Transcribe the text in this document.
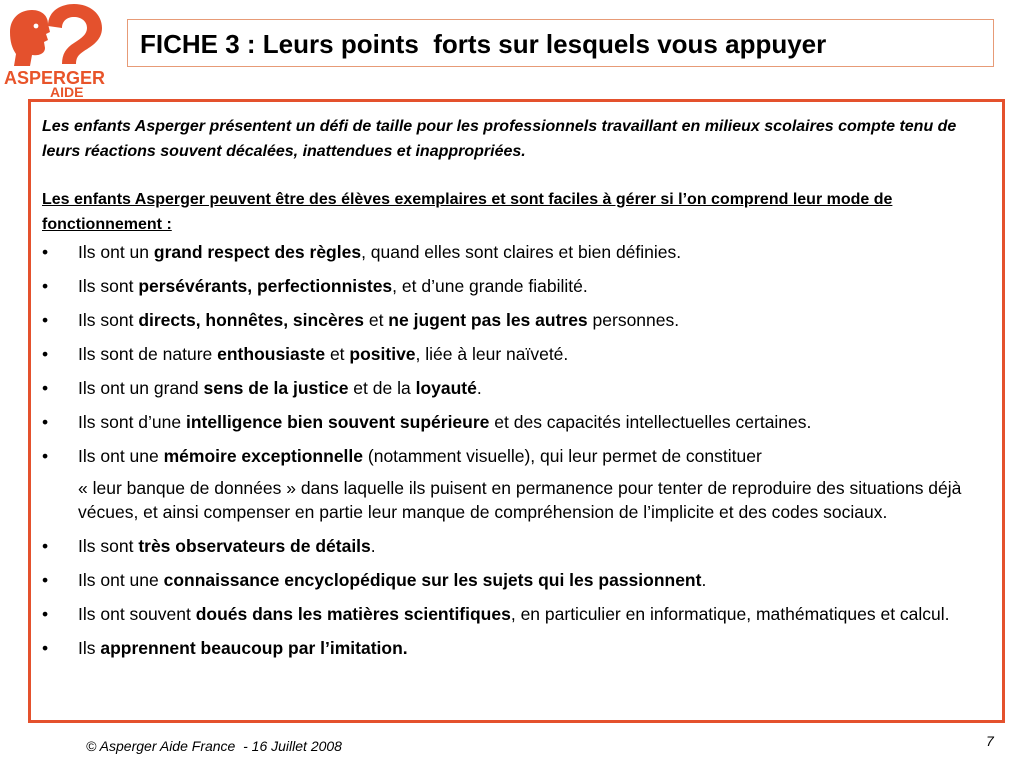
ASPERGER
AIDE
FICHE 3 : Leurs points  forts sur lesquels vous appuyer

Les enfants Asperger présentent un défi de taille pour les professionnels travaillant en milieux scolaires compte tenu de leurs réactions souvent décalées, inattendues et inappropriées.

Les enfants Asperger peuvent être des élèves exemplaires et sont faciles à gérer si l’on comprend leur mode de fonctionnement :

• Ils ont un grand respect des règles, quand elles sont claires et bien définies.
• Ils sont persévérants, perfectionnistes, et d’une grande fiabilité.
• Ils sont directs, honnêtes, sincères et ne jugent pas les autres personnes.
• Ils sont de nature enthousiaste et positive, liée à leur naïveté.
• Ils ont un grand sens de la justice et de la loyauté.
• Ils sont d’une intelligence bien souvent supérieure et des capacités intellectuelles certaines.
• Ils ont une mémoire exceptionnelle (notamment visuelle), qui leur permet de constituer
« leur banque de données » dans laquelle ils puisent en permanence pour tenter de reproduire des situations déjà vécues, et ainsi compenser en partie leur manque de compréhension de l’implicite et des codes sociaux.
• Ils sont très observateurs de détails.
• Ils ont une connaissance encyclopédique sur les sujets qui les passionnent.
• Ils ont souvent doués dans les matières scientifiques, en particulier en informatique, mathématiques et calcul.
• Ils apprennent beaucoup par l’imitation.
© Asperger Aide France  - 16 Juillet 2008	7
